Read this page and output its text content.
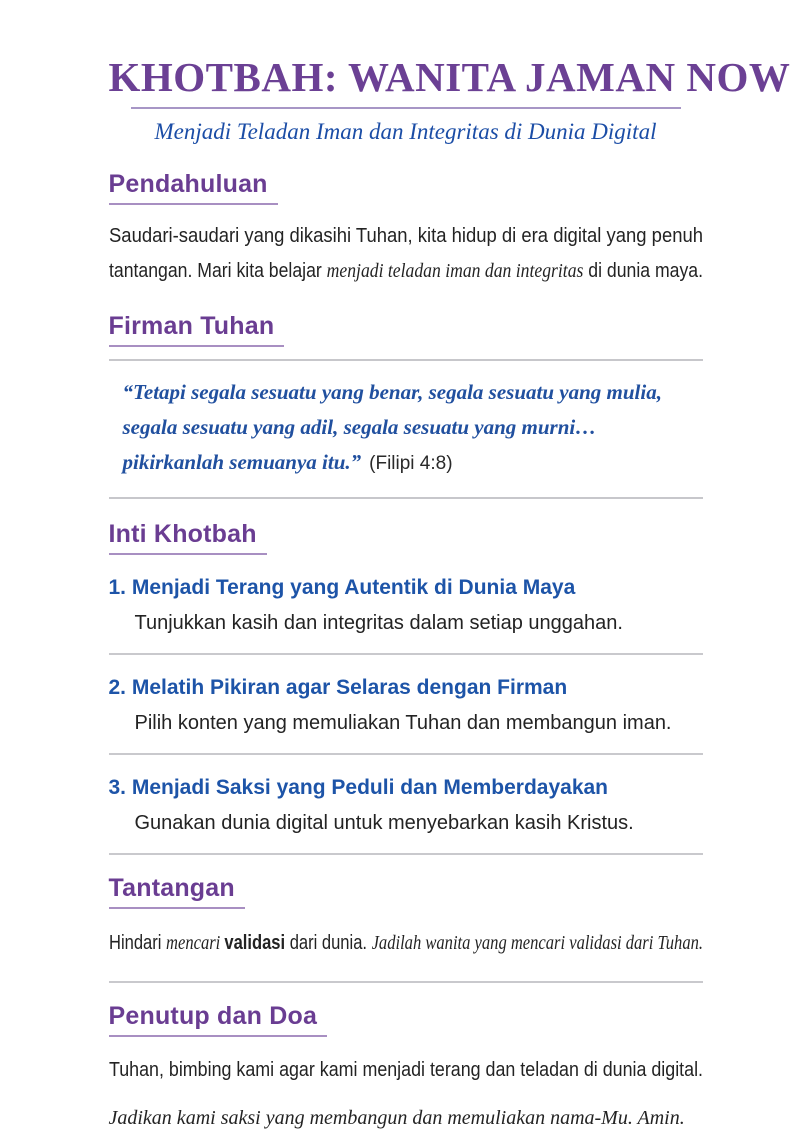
KHOTBAH: WANITA JAMAN NOW
Menjadi Teladan Iman dan Integritas di Dunia Digital
Pendahuluan
Saudari-saudari yang dikasihi Tuhan, kita hidup di era digital yang penuh
tantangan. Mari kita belajar menjadi teladan iman dan integritas di dunia maya.
Firman Tuhan
“Tetapi segala sesuatu yang benar, segala sesuatu yang mulia,
segala sesuatu yang adil, segala sesuatu yang murni…
pikirkanlah semuanya itu.” (Filipi 4:8)
Inti Khotbah
1. Menjadi Terang yang Autentik di Dunia Maya
Tunjukkan kasih dan integritas dalam setiap unggahan.
2. Melatih Pikiran agar Selaras dengan Firman
Pilih konten yang memuliakan Tuhan dan membangun iman.
3. Menjadi Saksi yang Peduli dan Memberdayakan
Gunakan dunia digital untuk menyebarkan kasih Kristus.
Tantangan
Hindari mencari validasi dari dunia. Jadilah wanita yang mencari validasi dari Tuhan.
Penutup dan Doa
Tuhan, bimbing kami agar kami menjadi terang dan teladan di dunia digital.
Jadikan kami saksi yang membangun dan memuliakan nama-Mu. Amin.
